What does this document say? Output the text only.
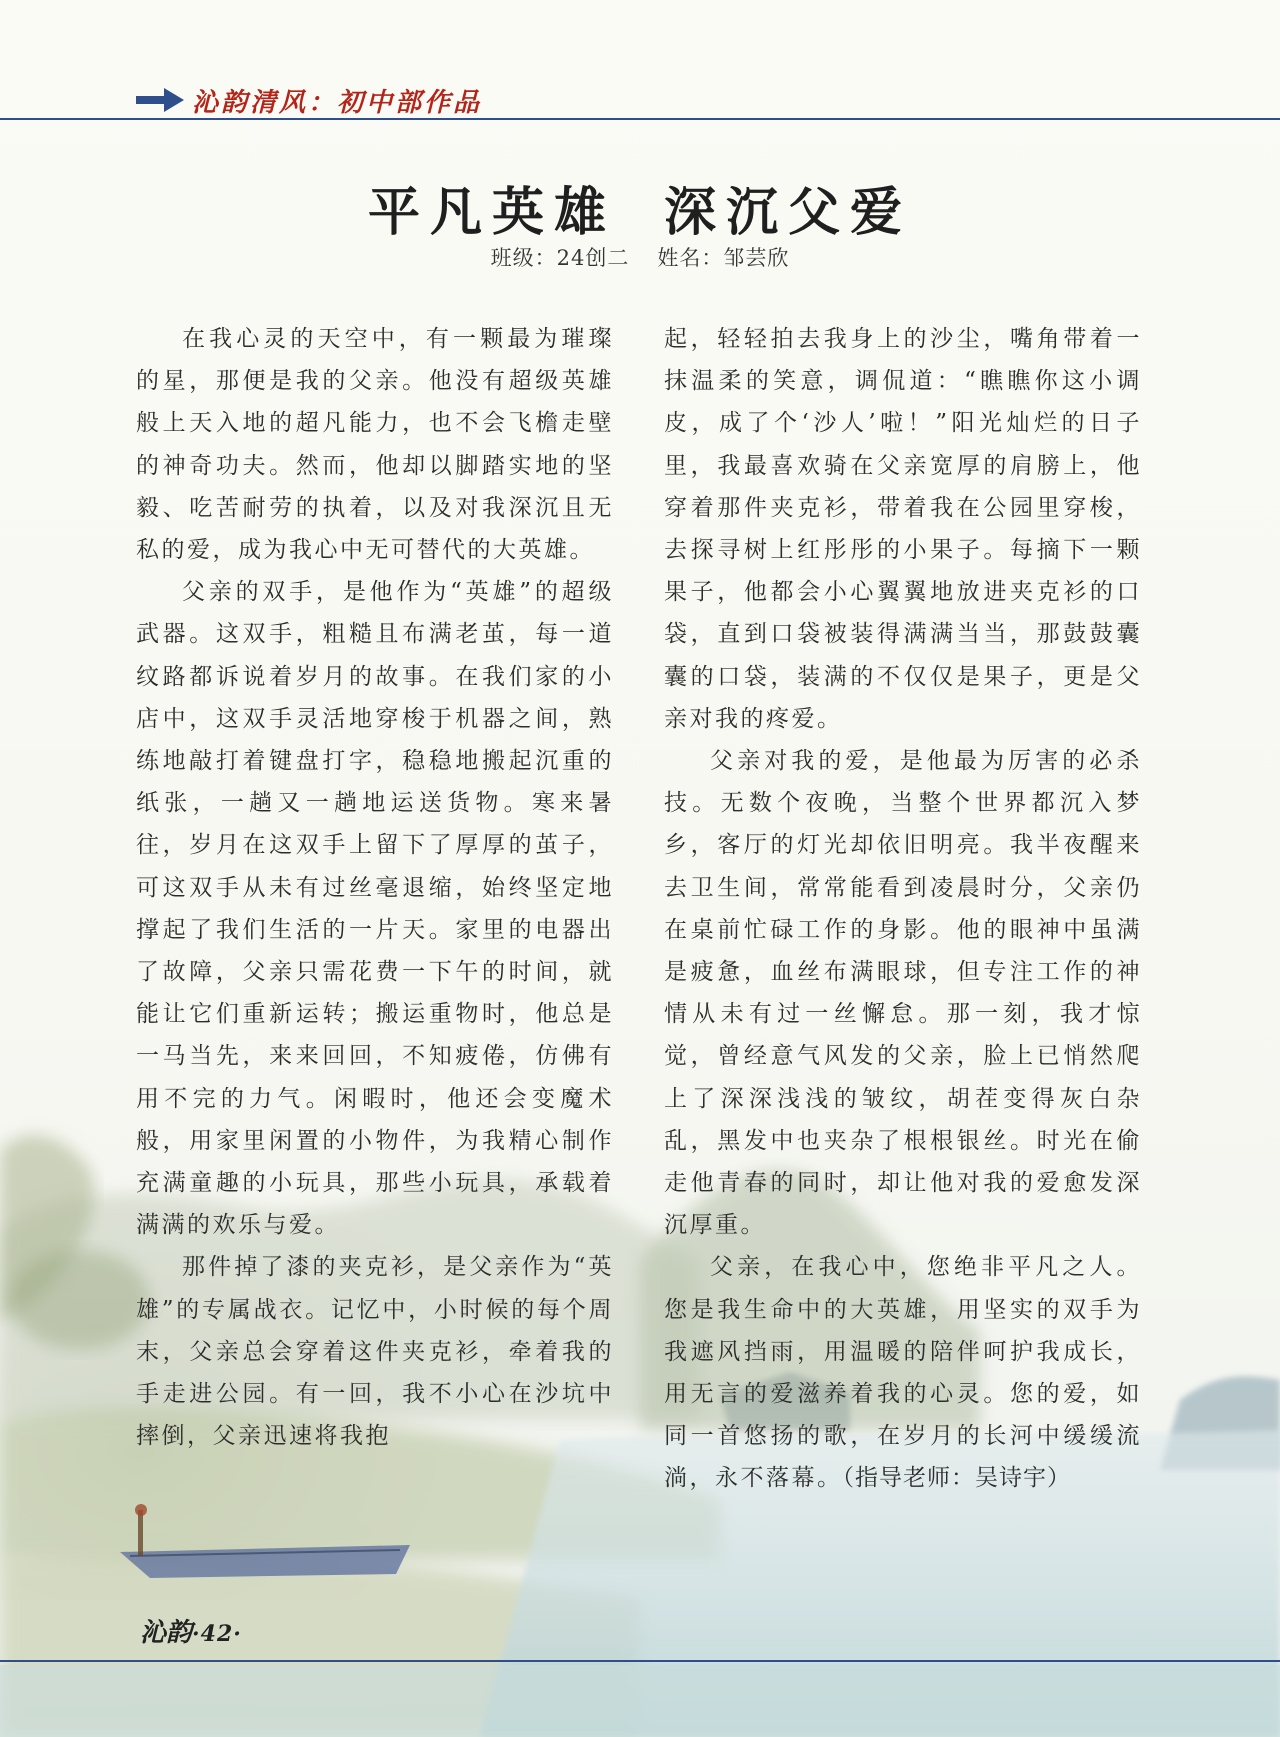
沁韵清风：初中部作品
平凡英雄 深沉父爱
班级：24创二 姓名：邹芸欣

在我心灵的天空中，有一颗最为璀璨的星，那便是我的父亲。他没有超级英雄般上天入地的超凡能力，也不会飞檐走壁的神奇功夫。然而，他却以脚踏实地的坚毅、吃苦耐劳的执着，以及对我深沉且无私的爱，成为我心中无可替代的大英雄。

父亲的双手，是他作为“英雄”的超级武器。这双手，粗糙且布满老茧，每一道纹路都诉说着岁月的故事。在我们家的小店中，这双手灵活地穿梭于机器之间，熟练地敲打着键盘打字，稳稳地搬起沉重的纸张，一趟又一趟地运送货物。寒来暑往，岁月在这双手上留下了厚厚的茧子，可这双手从未有过丝毫退缩，始终坚定地撑起了我们生活的一片天。家里的电器出了故障，父亲只需花费一下午的时间，就能让它们重新运转；搬运重物时，他总是一马当先，来来回回，不知疲倦，仿佛有用不完的力气。闲暇时，他还会变魔术般，用家里闲置的小物件，为我精心制作充满童趣的小玩具，那些小玩具，承载着满满的欢乐与爱。

那件掉了漆的夹克衫，是父亲作为“英雄”的专属战衣。记忆中，小时候的每个周末，父亲总会穿着这件夹克衫，牵着我的手走进公园。有一回，我不小心在沙坑中摔倒，父亲迅速将我抱

起，轻轻拍去我身上的沙尘，嘴角带着一抹温柔的笑意，调侃道：“瞧瞧你这小调皮，成了个‘沙人’啦！”阳光灿烂的日子里，我最喜欢骑在父亲宽厚的肩膀上，他穿着那件夹克衫，带着我在公园里穿梭，去探寻树上红彤彤的小果子。每摘下一颗果子，他都会小心翼翼地放进夹克衫的口袋，直到口袋被装得满满当当，那鼓鼓囊囊的口袋，装满的不仅仅是果子，更是父亲对我的疼爱。

父亲对我的爱，是他最为厉害的必杀技。无数个夜晚，当整个世界都沉入梦乡，客厅的灯光却依旧明亮。我半夜醒来去卫生间，常常能看到凌晨时分，父亲仍在桌前忙碌工作的身影。他的眼神中虽满是疲惫，血丝布满眼球，但专注工作的神情从未有过一丝懈怠。那一刻，我才惊觉，曾经意气风发的父亲，脸上已悄然爬上了深深浅浅的皱纹，胡茬变得灰白杂乱，黑发中也夹杂了根根银丝。时光在偷走他青春的同时，却让他对我的爱愈发深沉厚重。

父亲，在我心中，您绝非平凡之人。您是我生命中的大英雄，用坚实的双手为我遮风挡雨，用温暖的陪伴呵护我成长，用无言的爱滋养着我的心灵。您的爱，如同一首悠扬的歌，在岁月的长河中缓缓流淌，永不落幕。（指导老师：吴诗宇）

沁韵·42·
